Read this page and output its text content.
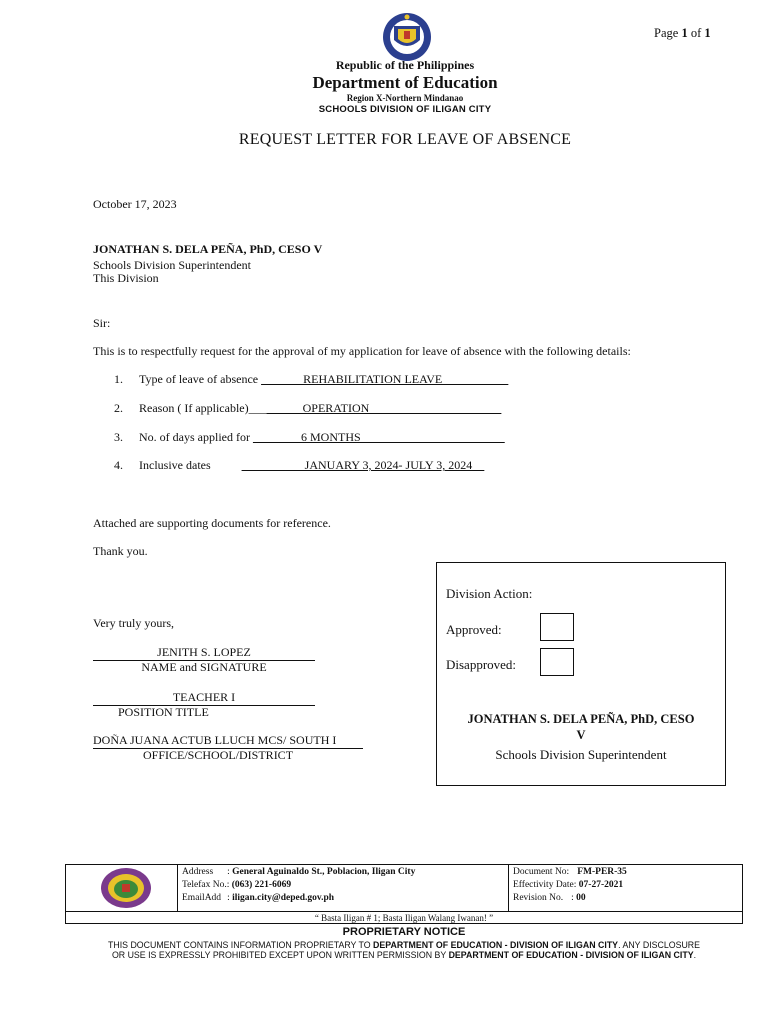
Page 1 of 1
Republic of the Philippines
Department of Education
Region X-Northern Mindanao
SCHOOLS DIVISION OF ILIGAN CITY
REQUEST LETTER FOR LEAVE OF ABSENCE
October 17, 2023
JONATHAN S. DELA PEÑA, PhD, CESO V
Schools Division Superintendent
This Division
Sir:
This is to respectfully request for the approval of my application for leave of absence with the following details:
1. Type of leave of absence _______REHABILITATION LEAVE___________
2. Reason ( If applicable)_________OPERATION______________________
3. No. of days applied for ________6 MONTHS________________________
4. Inclusive dates	_______ ___JANUARY 3, 2024- JULY 3, 2024__
Attached are supporting documents for reference.
Thank you.
Very truly yours,
JENITH S. LOPEZ
NAME and SIGNATURE
TEACHER I
POSITION TITLE
DOÑA JUANA ACTUB LLUCH MCS/ SOUTH I
OFFICE/SCHOOL/DISTRICT
Division Action:
Approved:
Disapproved:
JONATHAN S. DELA PEÑA, PhD, CESO
V
Schools Division Superintendent
Address : General Aguinaldo St., Poblacion, Iligan City
Telefax No.: (063) 221-6069
EmailAdd : iligan.city@deped.gov.ph
Document No: FM-PER-35
Effectivity Date: 07-27-2021
Revision No. : 00
“ Basta Iligan # 1; Basta Iligan Walang Iwanan! ”
PROPRIETARY NOTICE
THIS DOCUMENT CONTAINS INFORMATION PROPRIETARY TO DEPARTMENT OF EDUCATION - DIVISION OF ILIGAN CITY. ANY DISCLOSURE
OR USE IS EXPRESSLY PROHIBITED EXCEPT UPON WRITTEN PERMISSION BY DEPARTMENT OF EDUCATION - DIVISION OF ILIGAN CITY.
